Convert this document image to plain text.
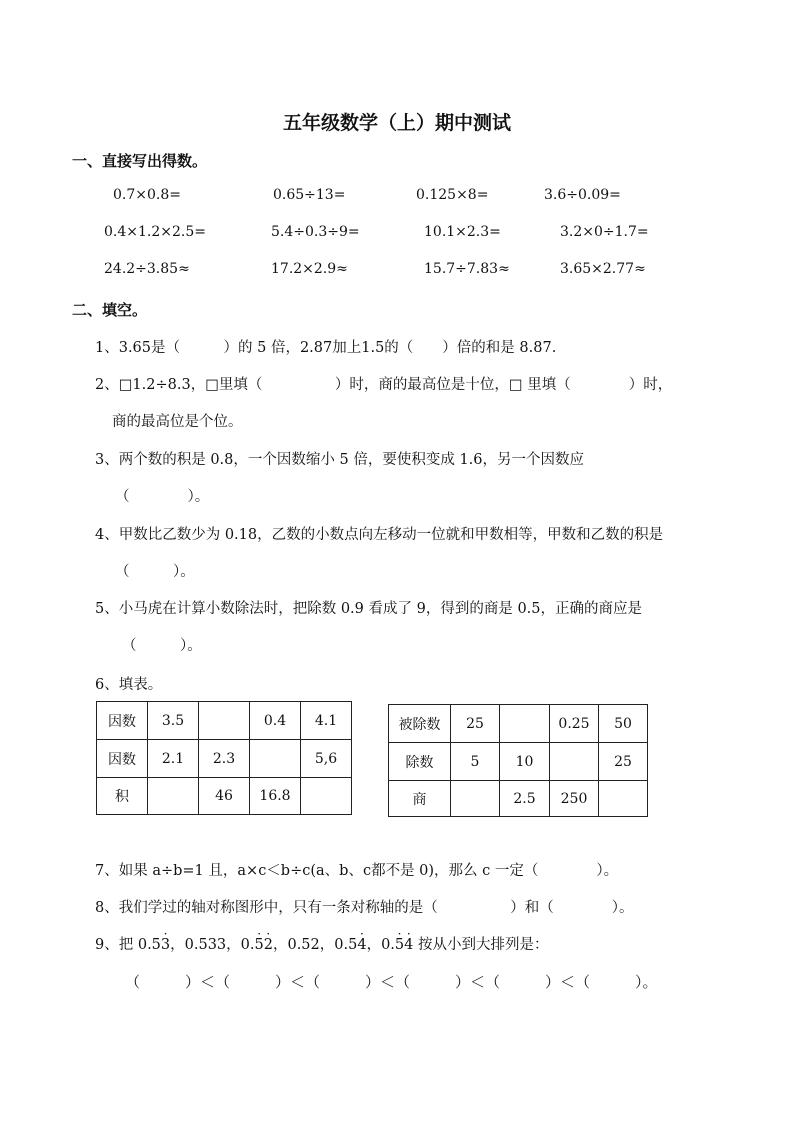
五年级数学（上）期中测试
一、直接写出得数。
0.7×0.8=	0.65÷13=	0.125×8=	3.6÷0.09=
0.4×1.2×2.5=	5.4÷0.3÷9=	10.1×2.3=	3.2×0÷1.7=
24.2÷3.85≈	17.2×2.9≈	15.7÷7.83≈	3.65×2.77≈
二、填空。
1、3.65是（　　　）的 5 倍，2.87加上1.5的（　　）倍的和是 8.87.
2、□1.2÷8.3，□里填（　　　　　）时，商的最高位是十位，□ 里填（　　　　）时，
商的最高位是个位。
3、两个数的积是 0.8，一个因数缩小 5 倍，要使积变成 1.6，另一个因数应
（　　　　）。
4、甲数比乙数少为 0.18，乙数的小数点向左移动一位就和甲数相等，甲数和乙数的积是
（　　　）。
5、小马虎在计算小数除法时，把除数 0.9 看成了 9，得到的商是 0.5，正确的商应是
（　　　）。
6、填表。
因数	3.5		0.4	4.1
因数	2.1	2.3		5,6
积		46	16.8	
被除数	25		0.25	50
除数	5	10		25
商		2.5	250	
7、如果 a÷b=1 且，a×c＜b÷c(a、b、c都不是 0)，那么 c 一定（　　　　）。
8、我们学过的轴对称图形中，只有一条对称轴的是（　　　　　）和（　　　　）。
9、把 0.5· 3，0.533，0.· 5· 2，0.52，0.5· 4，0.· 5· 4 按从小到大排列是：
（　　　）＜（　　　）＜（　　　）＜（　　　）＜（　　　）＜（　　　）。
